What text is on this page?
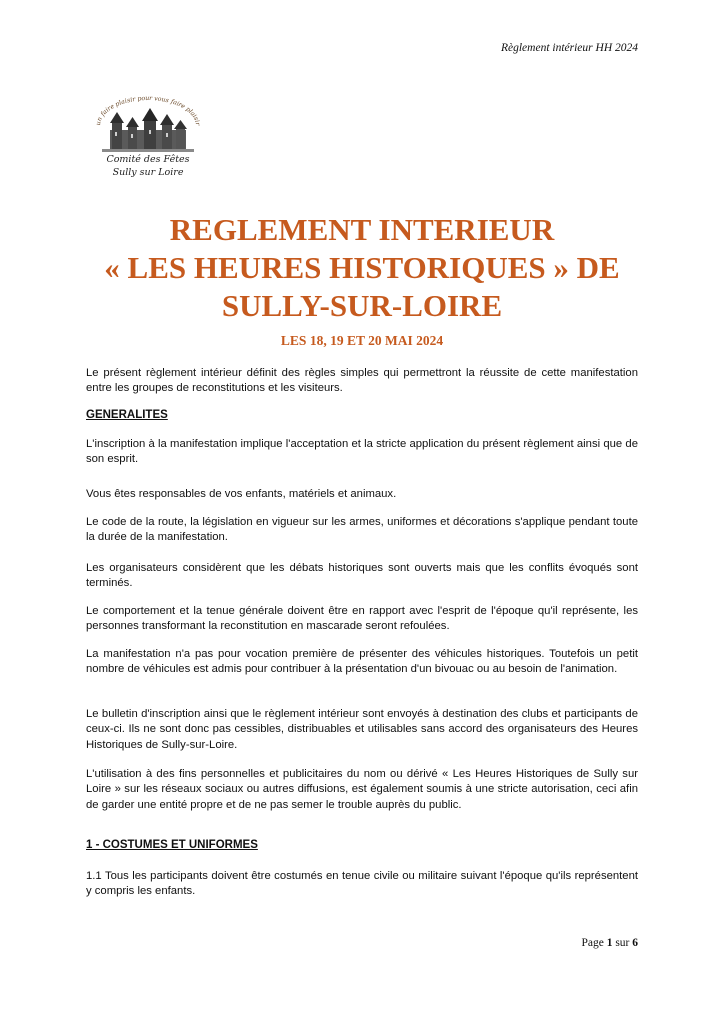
Règlement intérieur HH 2024
un faire plaisir pour vous faire plaisir
Comité des Fêtes
Sully sur Loire
REGLEMENT INTERIEUR
« LES HEURES HISTORIQUES » DE
SULLY-SUR-LOIRE
LES 18, 19 ET 20 MAI 2024
Le présent règlement intérieur définit des règles simples qui permettront la réussite de cette manifestation entre les groupes de reconstitutions et les visiteurs.
GENERALITES
L'inscription à la manifestation implique l'acceptation et la stricte application du présent règlement ainsi que de son esprit.
Vous êtes responsables de vos enfants, matériels et animaux.
Le code de la route, la législation en vigueur sur les armes, uniformes et décorations s'applique pendant toute la durée de la manifestation.
Les organisateurs considèrent que les débats historiques sont ouverts mais que les conflits évoqués sont terminés.
Le comportement et la tenue générale doivent être en rapport avec l'esprit de l'époque qu'il représente, les personnes transformant la reconstitution en mascarade seront refoulées.
La manifestation n'a pas pour vocation première de présenter des véhicules historiques. Toutefois un petit nombre de véhicules est admis pour contribuer à la présentation d'un bivouac ou au besoin de l'animation.
Le bulletin d'inscription ainsi que le règlement intérieur sont envoyés à destination des clubs et participants de ceux-ci. Ils ne sont donc pas cessibles, distribuables et utilisables sans accord des organisateurs des Heures Historiques de Sully-sur-Loire.
L'utilisation à des fins personnelles et publicitaires du nom ou dérivé « Les Heures Historiques de Sully sur Loire » sur les réseaux sociaux ou autres diffusions, est également soumis à une stricte autorisation, ceci afin de garder une entité propre et de ne pas semer le trouble auprès du public.
1 - COSTUMES ET UNIFORMES
1.1 Tous les participants doivent être costumés en tenue civile ou militaire suivant l'époque qu'ils représentent y compris les enfants.
Page 1 sur 6
